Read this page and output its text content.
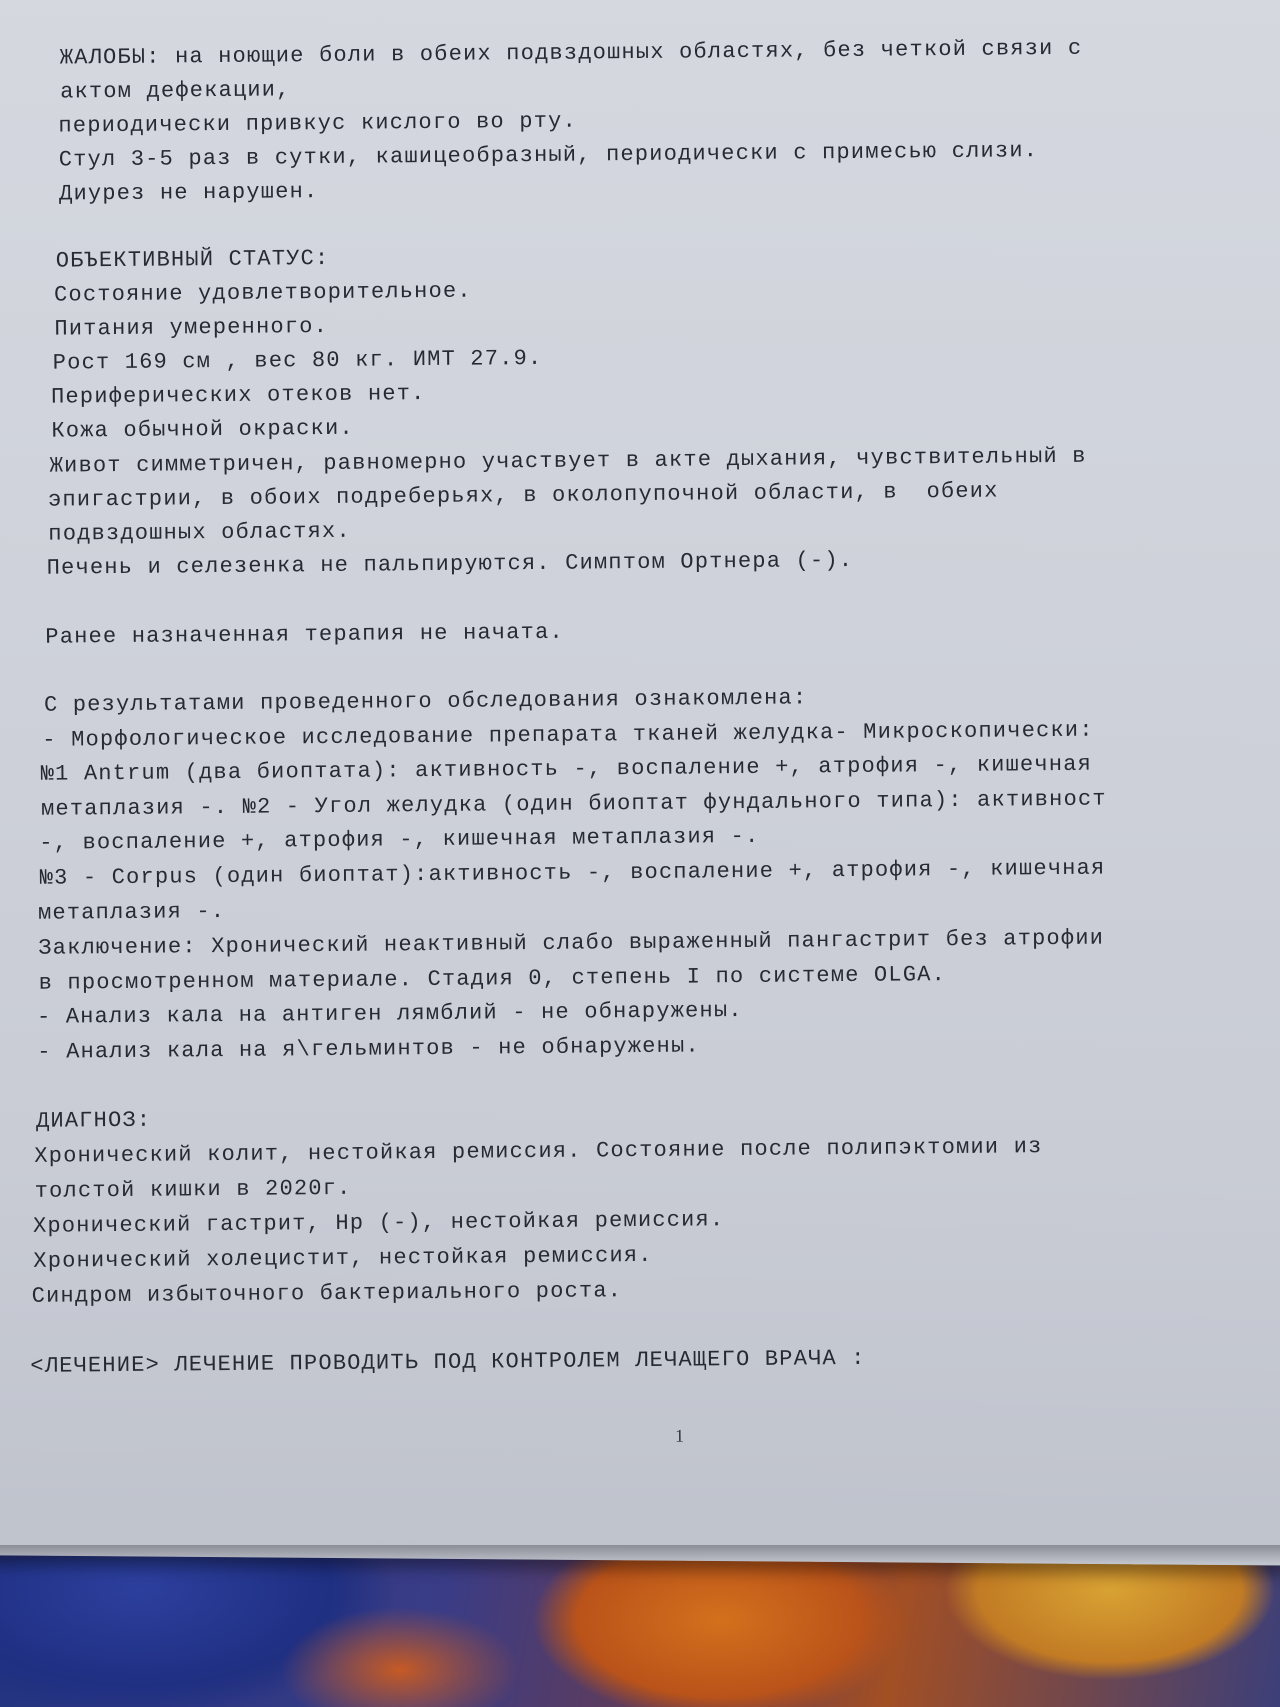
ЖАЛОБЫ: на ноющие боли в обеих подвздошных областях, без четкой связи с
актом дефекации,
периодически привкус кислого во рту.
Стул 3-5 раз в сутки, кашицеобразный, периодически с примесью слизи.
Диурез не нарушен.
ОБЪЕКТИВНЫЙ СТАТУС:
Состояние удовлетворительное.
Питания умеренного.
Рост 169 см , вес 80 кг. ИМТ 27.9.
Периферических отеков нет.
Кожа обычной окраски.
Живот симметричен, равномерно участвует в акте дыхания, чувствительный в
эпигастрии, в обоих подреберьях, в околопупочной области, в  обеих
подвздошных областях.
Печень и селезенка не пальпируются. Симптом Ортнера (-).
Ранее назначенная терапия не начата.
С результатами проведенного обследования ознакомлена:
- Морфологическое исследование препарата тканей желудка- Микроскопически:
№1 Antrum (два биоптата): активность -, воспаление +, атрофия -, кишечная
метаплазия -. №2 - Угол желудка (один биоптат фундального типа): активност
-, воспаление +, атрофия -, кишечная метаплазия -.
№3 - Corpus (один биоптат):активность -, воспаление +, атрофия -, кишечная
метаплазия -.
Заключение: Хронический неактивный слабо выраженный пангастрит без атрофии
в просмотренном материале. Стадия 0, степень I по системе OLGA.
- Анализ кала на антиген лямблий - не обнаружены.
- Анализ кала на я\гельминтов - не обнаружены.
ДИАГНОЗ:
Хронический колит, нестойкая ремиссия. Состояние после полипэктомии из
толстой кишки в 2020г.
Хронический гастрит, Hp (-), нестойкая ремиссия.
Хронический холецистит, нестойкая ремиссия.
Синдром избыточного бактериального роста.
<ЛЕЧЕНИЕ> ЛЕЧЕНИЕ ПРОВОДИТЬ ПОД КОНТРОЛЕМ ЛЕЧАЩЕГО ВРАЧА :
1
